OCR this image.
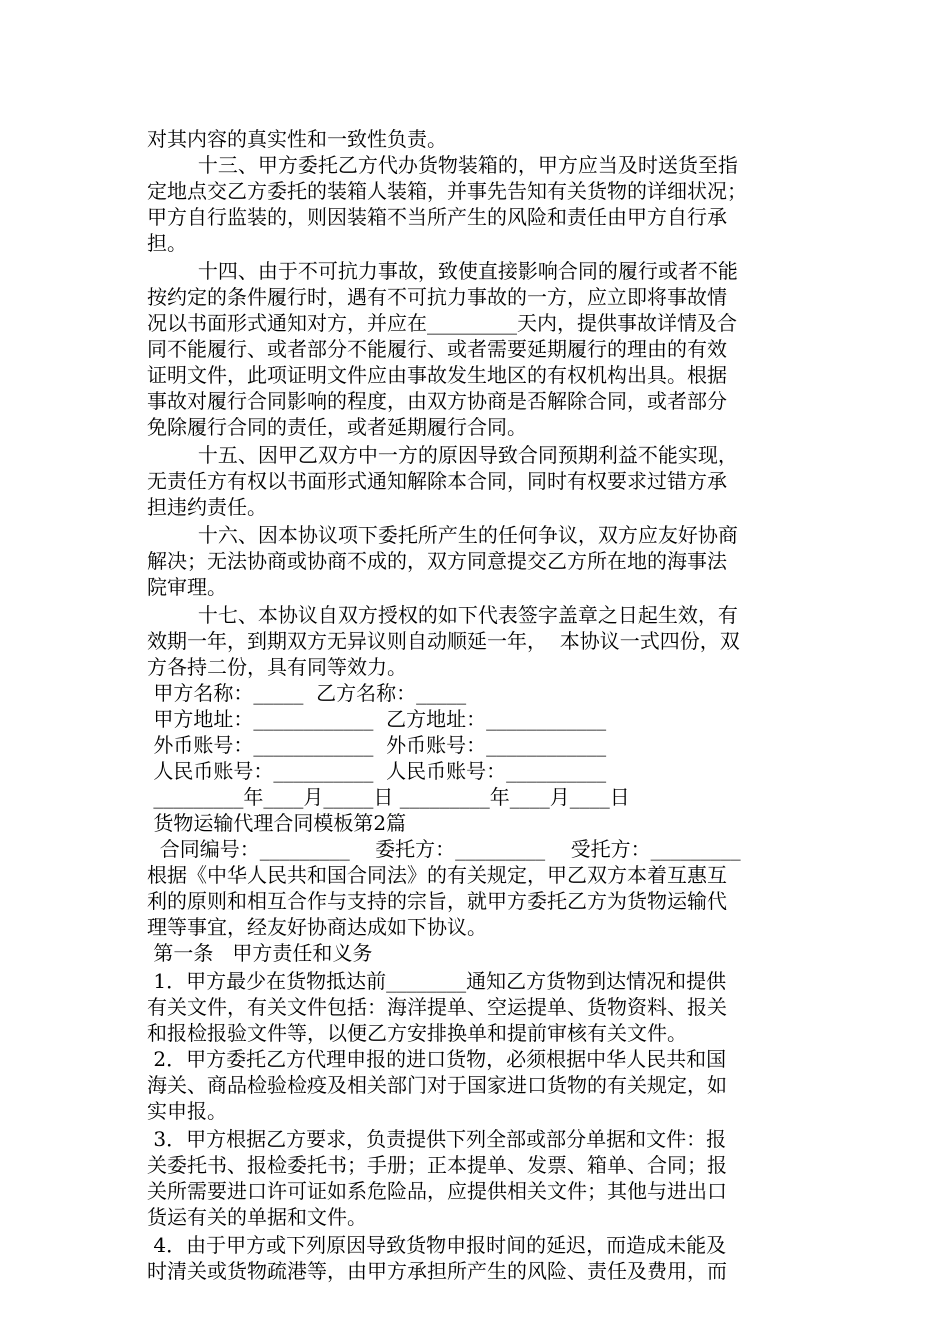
对其内容的真实性和一致性负责。
十三、甲方委托乙方代办货物装箱的，甲方应当及时送货至指
定地点交乙方委托的装箱人装箱，并事先告知有关货物的详细状况；
甲方自行监装的，则因装箱不当所产生的风险和责任由甲方自行承
担。
十四、由于不可抗力事故，致使直接影响合同的履行或者不能
按约定的条件履行时，遇有不可抗力事故的一方，应立即将事故情
况以书面形式通知对方，并应在_________天内，提供事故详情及合
同不能履行、或者部分不能履行、或者需要延期履行的理由的有效
证明文件，此项证明文件应由事故发生地区的有权机构出具。根据
事故对履行合同影响的程度，由双方协商是否解除合同，或者部分
免除履行合同的责任，或者延期履行合同。
十五、因甲乙双方中一方的原因导致合同预期利益不能实现，
无责任方有权以书面形式通知解除本合同，同时有权要求过错方承
担违约责任。
十六、因本协议项下委托所产生的任何争议，双方应友好协商
解决；无法协商或协商不成的，双方同意提交乙方所在地的海事法
院审理。
十七、本协议自双方授权的如下代表签字盖章之日起生效，有
效期一年，到期双方无异议则自动顺延一年，  本协议一式四份，双
方各持二份，具有同等效力。
甲方名称：_____  乙方名称：_____
甲方地址：____________  乙方地址：____________
外币账号：____________  外币账号：____________
人民币账号：__________  人民币账号：__________
_________年____月_____日 _________年____月____日
货物运输代理合同模板第2篇
合同编号：_________    委托方：_________    受托方：_________
根据《中华人民共和国合同法》的有关规定，甲乙双方本着互惠互
利的原则和相互合作与支持的宗旨，就甲方委托乙方为货物运输代
理等事宜，经友好协商达成如下协议。
第一条   甲方责任和义务
1．甲方最少在货物抵达前________通知乙方货物到达情况和提供
有关文件，有关文件包括：海洋提单、空运提单、货物资料、报关
和报检报验文件等，以便乙方安排换单和提前审核有关文件。
2．甲方委托乙方代理申报的进口货物，必须根据中华人民共和国
海关、商品检验检疫及相关部门对于国家进口货物的有关规定，如
实申报。
3．甲方根据乙方要求，负责提供下列全部或部分单据和文件：报
关委托书、报检委托书；手册；正本提单、发票、箱单、合同；报
关所需要进口许可证如系危险品，应提供相关文件；其他与进出口
货运有关的单据和文件。
4．由于甲方或下列原因导致货物申报时间的延迟，而造成未能及
时清关或货物疏港等，由甲方承担所产生的风险、责任及费用，而
